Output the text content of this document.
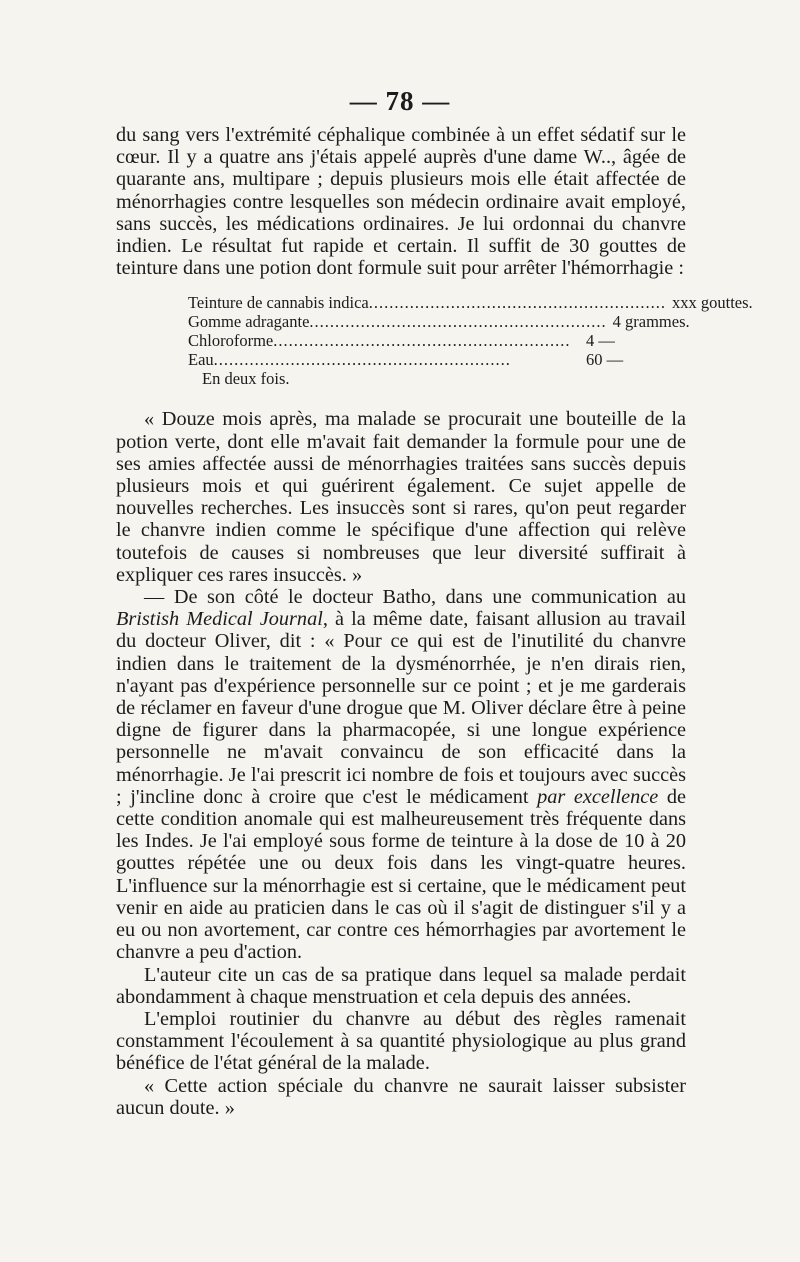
— 78 —

du sang vers l'extrémité céphalique combinée à un effet sédatif sur le cœur. Il y a quatre ans j'étais appelé auprès d'une dame W.., âgée de quarante ans, multipare ; depuis plusieurs mois elle était affectée de ménorrhagies contre lesquelles son médecin ordinaire avait employé, sans succès, les médications ordinaires. Je lui ordonnai du chanvre indien. Le résultat fut rapide et certain. Il suffit de 30 gouttes de teinture dans une potion dont formule suit pour arrêter l'hémorrhagie :

Teinture de cannabis indica .......................................................... xxx gouttes.
Gomme adragante .......................................................... 4 grammes.
Chloroforme .......................................................... 4 —
Eau ..........................................................	60 —
En deux fois.

« Douze mois après, ma malade se procurait une bouteille de la potion verte, dont elle m'avait fait demander la formule pour une de ses amies affectée aussi de ménorrhagies traitées sans succès depuis plusieurs mois et qui guérirent également. Ce sujet appelle de nouvelles recherches. Les insuccès sont si rares, qu'on peut regarder le chanvre indien comme le spécifique d'une affection qui relève toutefois de causes si nombreuses que leur diversité suffirait à expliquer ces rares insuccès. »

— De son côté le docteur Batho, dans une communication au Bristish Medical Journal, à la même date, faisant allusion au travail du docteur Oliver, dit : « Pour ce qui est de l'inutilité du chanvre indien dans le traitement de la dysménorrhée, je n'en dirais rien, n'ayant pas d'expérience personnelle sur ce point ; et je me garderais de réclamer en faveur d'une drogue que M. Oliver déclare être à peine digne de figurer dans la pharmacopée, si une longue expérience personnelle ne m'avait convaincu de son efficacité dans la ménorrhagie. Je l'ai prescrit ici nombre de fois et toujours avec succès ; j'incline donc à croire que c'est le médicament par excellence de cette condition anomale qui est malheureusement très fréquente dans les Indes. Je l'ai employé sous forme de teinture à la dose de 10 à 20 gouttes répétée une ou deux fois dans les vingt-quatre heures. L'influence sur la ménorrhagie est si certaine, que le médicament peut venir en aide au praticien dans le cas où il s'agit de distinguer s'il y a eu ou non avortement, car contre ces hémorrhagies par avortement le chanvre a peu d'action.

L'auteur cite un cas de sa pratique dans lequel sa malade perdait abondamment à chaque menstruation et cela depuis des années.

L'emploi routinier du chanvre au début des règles ramenait constamment l'écoulement à sa quantité physiologique au plus grand bénéfice de l'état général de la malade.

« Cette action spéciale du chanvre ne saurait laisser subsister aucun doute. »
